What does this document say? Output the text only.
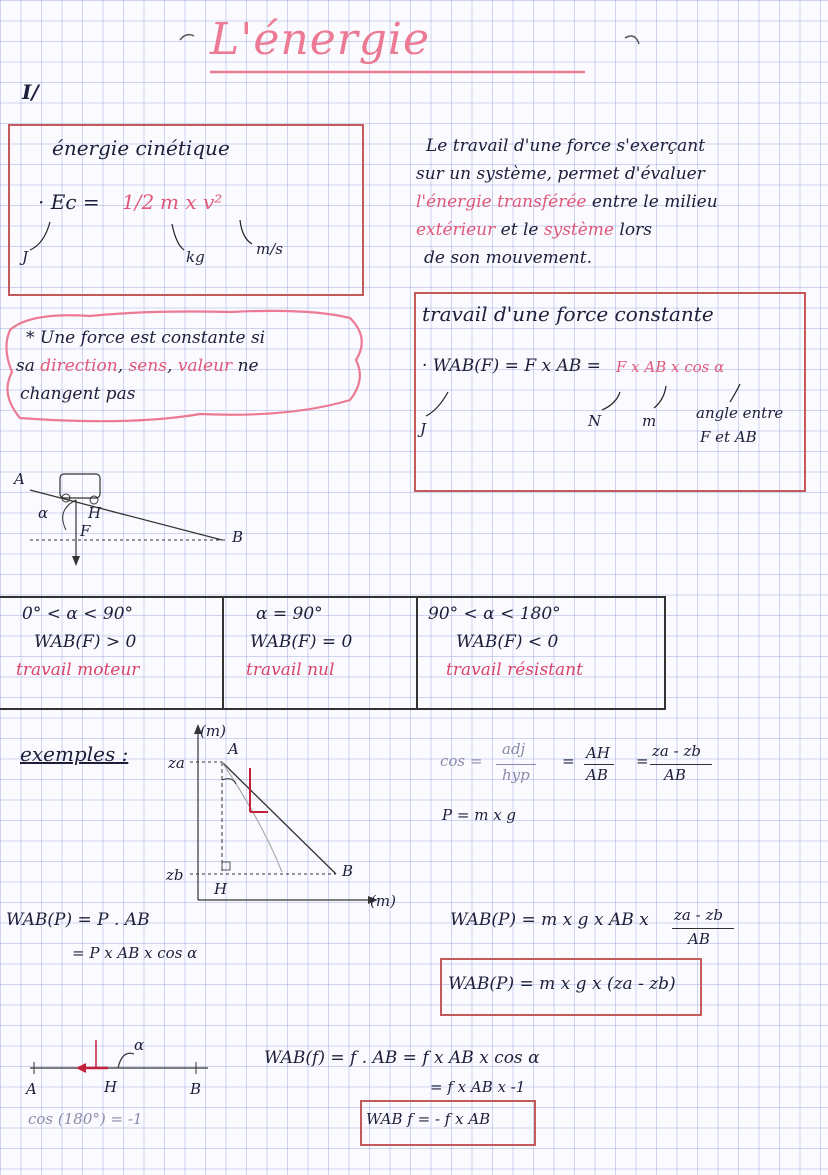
L'énergie
I/
énergie cinétique
· Ec = 1/2 m x v²
J	kg	m/s
Le travail d'une force s'exerçant
sur un système, permet d'évaluer
l'énergie transférée entre le milieu
extérieur et le système lors
de son mouvement.
* Une force est constante si
sa direction, sens, valeur ne
changent pas
travail d'une force constante
· WAB(F) = F x AB = F x AB x cos α
J	N	m	angle entre
F et AB
A
B
α	H
F
0° < α < 90°
WAB(F) > 0
travail moteur
α = 90°
WAB(F) = 0
travail nul
90° < α < 180°
WAB(F) < 0
travail résistant
exemples :
(m)
(m)
za
zb
A
B
H
cos =
adj
hyp
= AH
AB
=
za - zb
AB
P = m x g
WAB(P) = P . AB
= P x AB x cos α
WAB(P) = m x g x AB x za - zb
AB
WAB(P) = m x g x (za - zb)
A	H	B
α
cos (180°) = -1
WAB(f) = f . AB = f x AB x cos α
= f x AB x -1
WAB f = - f x AB
